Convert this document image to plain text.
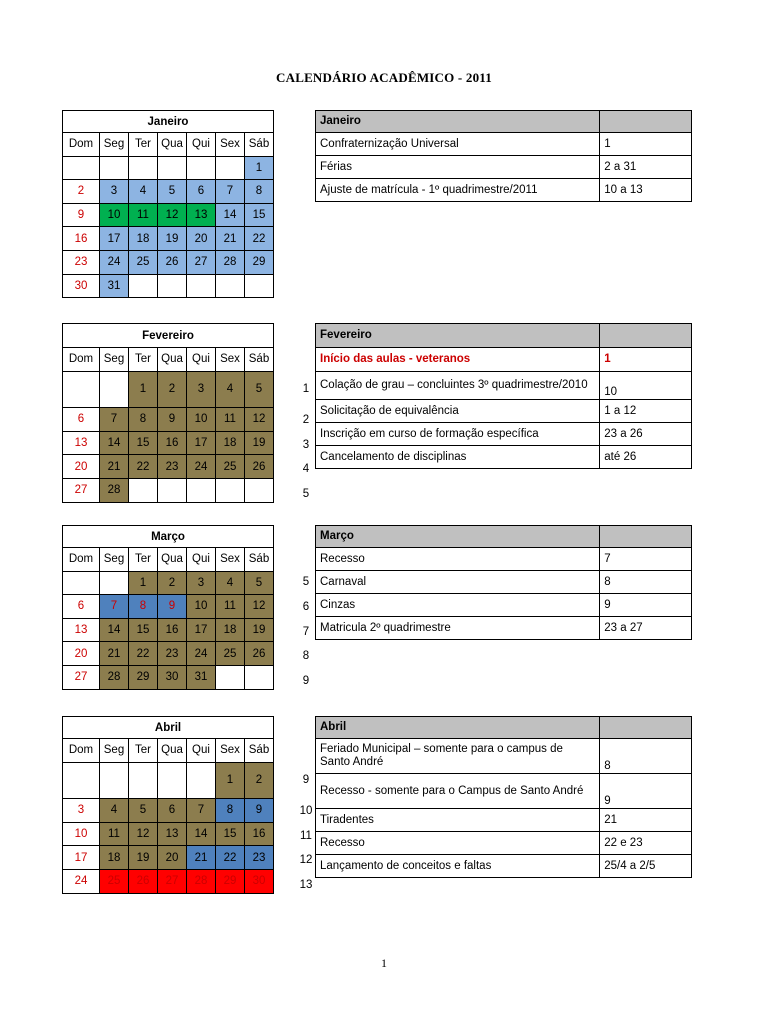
CALENDÁRIO ACADÊMICO - 2011
Janeiro						
Dom	Seg	Ter	Qua	Qui	Sex	Sáb
						1
2	3	4	5	6	7	8
9	10	11	12	13	14	15
16	17	18	19	20	21	22
23	24	25	26	27	28	29
30	31					
Janeiro	
Confraternização Universal	1
Férias	2 a 31
Ajuste de matrícula - 1º quadrimestre/2011	10 a 13
Fevereiro						
Dom	Seg	Ter	Qua	Qui	Sex	Sáb
		1	2	3	4	5
6	7	8	9	10	11	12
13	14	15	16	17	18	19
20	21	22	23	24	25	26
27	28					
1
2
3
4
5
Fevereiro	
Início das aulas - veteranos	1
Colação de grau – concluintes 3º quadrimestre/2010	10
Solicitação de equivalência	1 a 12
Inscrição em curso de formação específica	23 a 26
Cancelamento de disciplinas	até 26
Março						
Dom	Seg	Ter	Qua	Qui	Sex	Sáb
		1	2	3	4	5
6	7	8	9	10	11	12
13	14	15	16	17	18	19
20	21	22	23	24	25	26
27	28	29	30	31		
5
6
7
8
9
Março	
Recesso	7
Carnaval	8
Cinzas	9
Matricula 2º quadrimestre	23 a 27
Abril						
Dom	Seg	Ter	Qua	Qui	Sex	Sáb
					1	2
3	4	5	6	7	8	9
10	11	12	13	14	15	16
17	18	19	20	21	22	23
24	25	26	27	28	29	30
9
10
11
12
13
Abril	
Feriado Municipal – somente para o campus de Santo André	8
Recesso - somente para o Campus de Santo André	9
Tiradentes	21
Recesso	22 e 23
Lançamento de conceitos e faltas	25/4 a 2/5
1
